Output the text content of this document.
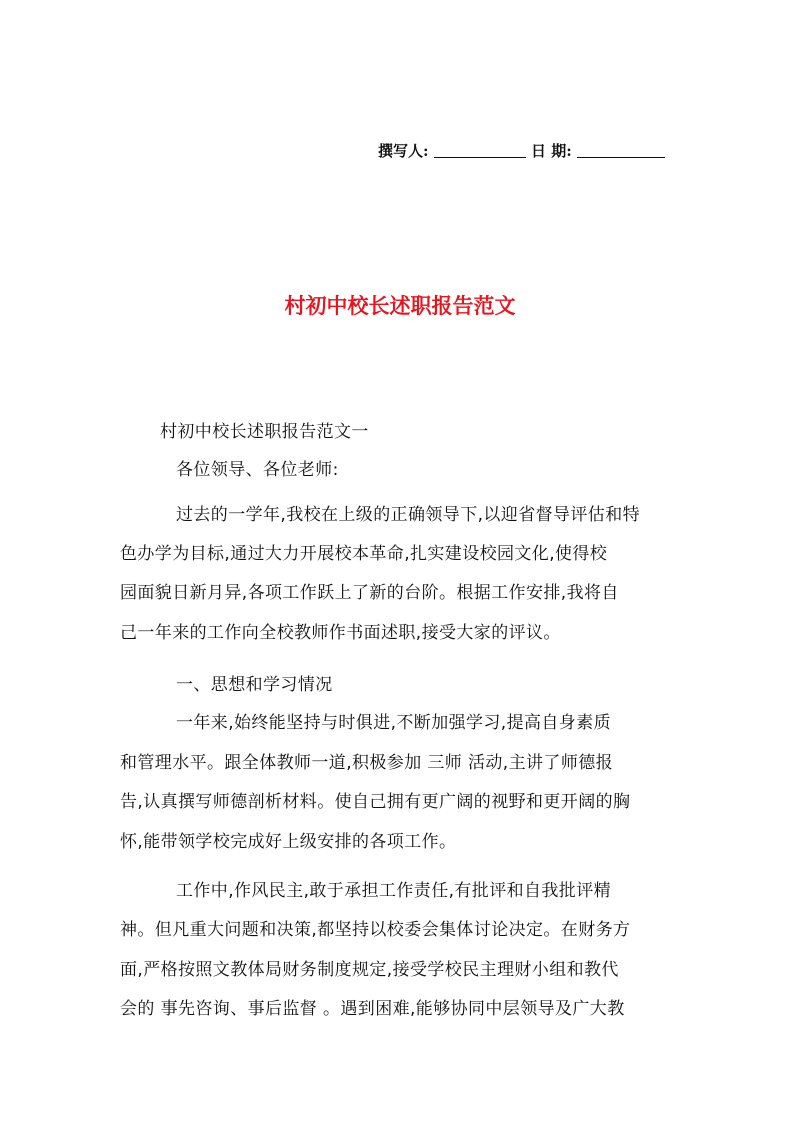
撰写人:	日 期:
村初中校长述职报告范文
村初中校长述职报告范文一
各位领导、各位老师:
过去的一学年,我校在上级的正确领导下,以迎省督导评估和特
色办学为目标,通过大力开展校本革命,扎实建设校园文化,使得校
园面貌日新月异,各项工作跃上了新的台阶。根据工作安排,我将自
己一年来的工作向全校教师作书面述职,接受大家的评议。
一、思想和学习情况
一年来,始终能坚持与时俱进,不断加强学习,提高自身素质
和管理水平。跟全体教师一道,积极参加 三师 活动,主讲了师德报
告,认真撰写师德剖析材料。使自己拥有更广阔的视野和更开阔的胸
怀,能带领学校完成好上级安排的各项工作。
工作中,作风民主,敢于承担工作责任,有批评和自我批评精
神。但凡重大问题和决策,都坚持以校委会集体讨论决定。在财务方
面,严格按照文教体局财务制度规定,接受学校民主理财小组和教代
会的 事先咨询、事后监督 。遇到困难,能够协同中层领导及广大教
